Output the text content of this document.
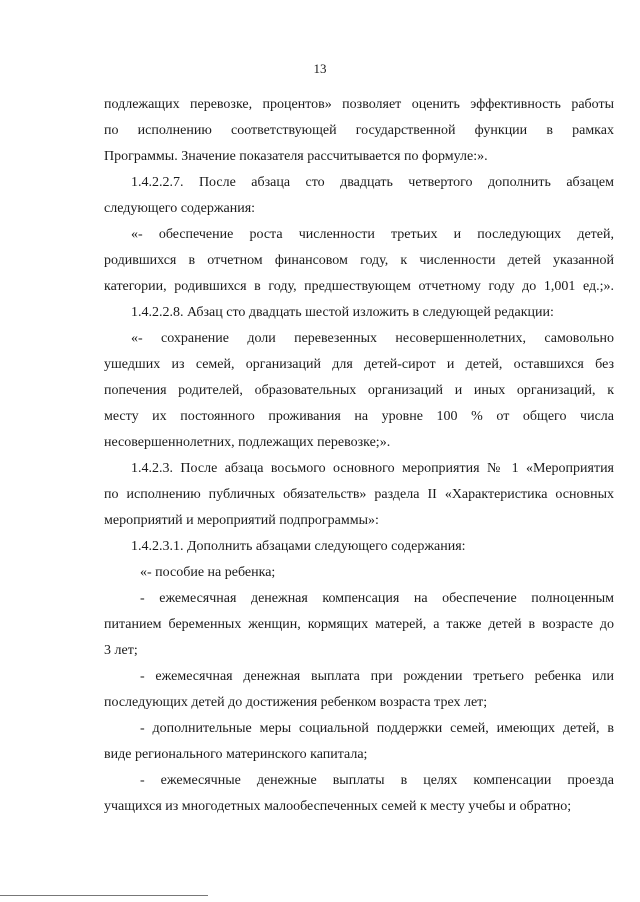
13
подлежащих перевозке, процентов» позволяет оценить эффективность работы
по исполнению соответствующей государственной функции в рамках
Программы. Значение показателя рассчитывается по формуле:».
1.4.2.2.7. После абзаца сто двадцать четвертого дополнить абзацем
следующего содержания:
«- обеспечение роста численности третьих и последующих детей,
родившихся в отчетном финансовом году, к численности детей указанной
категории, родившихся в году, предшествующем отчетному году до 1,001 ед.;».
1.4.2.2.8. Абзац сто двадцать шестой изложить в следующей редакции:
«- сохранение доли перевезенных несовершеннолетних, самовольно
ушедших из семей, организаций для детей-сирот и детей, оставшихся без
попечения родителей, образовательных организаций и иных организаций, к
месту их постоянного проживания на уровне 100 % от общего числа
несовершеннолетних, подлежащих перевозке;».
1.4.2.3. После абзаца восьмого основного мероприятия № 1 «Мероприятия
по исполнению публичных обязательств» раздела II «Характеристика основных
мероприятий и мероприятий подпрограммы»:
1.4.2.3.1. Дополнить абзацами следующего содержания:
«- пособие на ребенка;
- ежемесячная денежная компенсация на обеспечение полноценным
питанием беременных женщин, кормящих матерей, а также детей в возрасте до
3 лет;
- ежемесячная денежная выплата при рождении третьего ребенка или
последующих детей до достижения ребенком возраста трех лет;
- дополнительные меры социальной поддержки семей, имеющих детей, в
виде регионального материнского капитала;
- ежемесячные денежные выплаты в целях компенсации проезда
учащихся из многодетных малообеспеченных семей к месту учебы и обратно;
